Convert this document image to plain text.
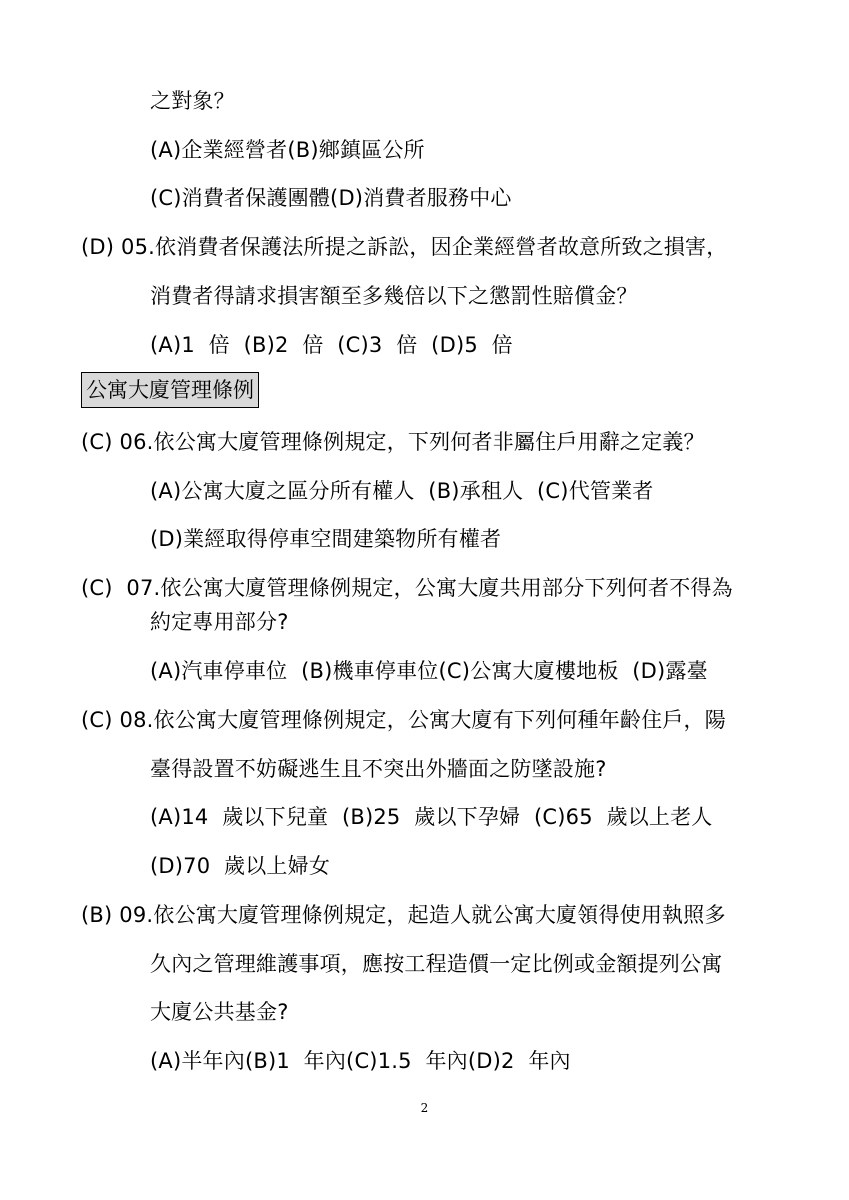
之對象？
(A)企業經營者(B)鄉鎮區公所
(C)消費者保護團體(D)消費者服務中心
(D) 05.依消費者保護法所提之訴訟，因企業經營者故意所致之損害，
消費者得請求損害額至多幾倍以下之懲罰性賠償金？
(A)1  倍  (B)2  倍  (C)3  倍  (D)5  倍
公寓大廈管理條例
(C) 06.依公寓大廈管理條例規定，下列何者非屬住戶用辭之定義？
(A)公寓大廈之區分所有權人  (B)承租人  (C)代管業者
(D)業經取得停車空間建築物所有權者
(C)  07.依公寓大廈管理條例規定，公寓大廈共用部分下列何者不得為
約定專用部分?
(A)汽車停車位  (B)機車停車位(C)公寓大廈樓地板  (D)露臺
(C) 08.依公寓大廈管理條例規定，公寓大廈有下列何種年齡住戶，陽
臺得設置不妨礙逃生且不突出外牆面之防墜設施?
(A)14  歲以下兒童  (B)25  歲以下孕婦  (C)65  歲以上老人
(D)70  歲以上婦女
(B) 09.依公寓大廈管理條例規定，起造人就公寓大廈領得使用執照多
久內之管理維護事項，應按工程造價一定比例或金額提列公寓
大廈公共基金?
(A)半年內(B)1  年內(C)1.5  年內(D)2  年內
2
